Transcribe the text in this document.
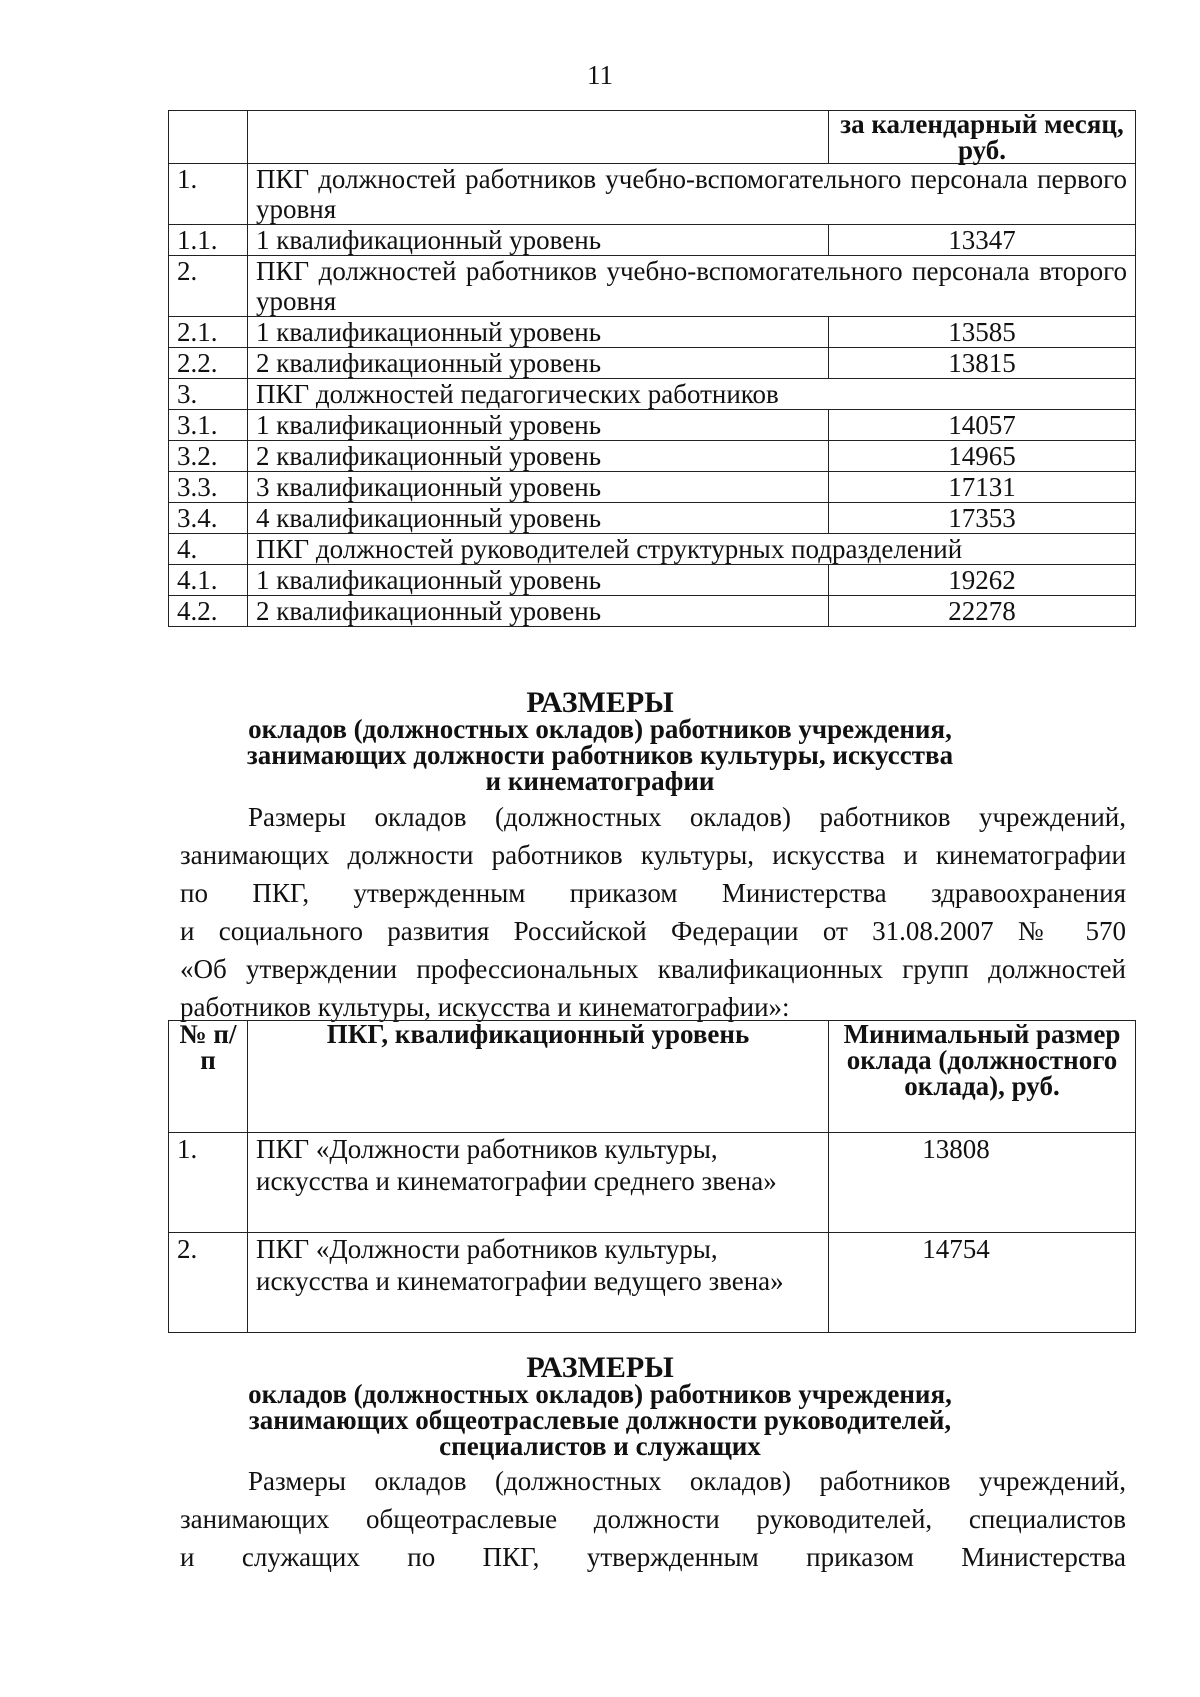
11
		за календарный месяц, руб.
1.	ПКГ должностей работников учебно-вспомогательного персонала первого уровня	
1.1.	1 квалификационный уровень	13347
2.	ПКГ должностей работников учебно-вспомогательного персонала второго уровня	
2.1.	1 квалификационный уровень	13585
2.2.	2 квалификационный уровень	13815
3.	ПКГ должностей педагогических работников	
3.1.	1 квалификационный уровень	14057
3.2.	2 квалификационный уровень	14965
3.3.	3 квалификационный уровень	17131
3.4.	4 квалификационный уровень	17353
4.	ПКГ должностей руководителей структурных подразделений	
4.1.	1 квалификационный уровень	19262
4.2.	2 квалификационный уровень	22278
РАЗМЕРЫ
окладов (должностных окладов) работников учреждения,
занимающих должности работников культуры, искусства
и кинематографии
Размеры окладов (должностных окладов) работников учреждений,
занимающих должности работников культуры, искусства и кинематографии
по ПКГ, утвержденным приказом Министерства здравоохранения
и социального развития Российской Федерации от 31.08.2007 № 570
«Об утверждении профессиональных квалификационных групп должностей
работников культуры, искусства и кинематографии»:
№ п/п	ПКГ, квалификационный уровень	Минимальный размер оклада (должностного оклада), руб.
1.	ПКГ «Должности работников культуры, искусства и кинематографии среднего звена»	13808
2.	ПКГ «Должности работников культуры, искусства и кинематографии ведущего звена»	14754
РАЗМЕРЫ
окладов (должностных окладов) работников учреждения,
занимающих общеотраслевые должности руководителей,
специалистов и служащих
Размеры окладов (должностных окладов) работников учреждений,
занимающих общеотраслевые должности руководителей, специалистов
и служащих по ПКГ, утвержденным приказом Министерства
